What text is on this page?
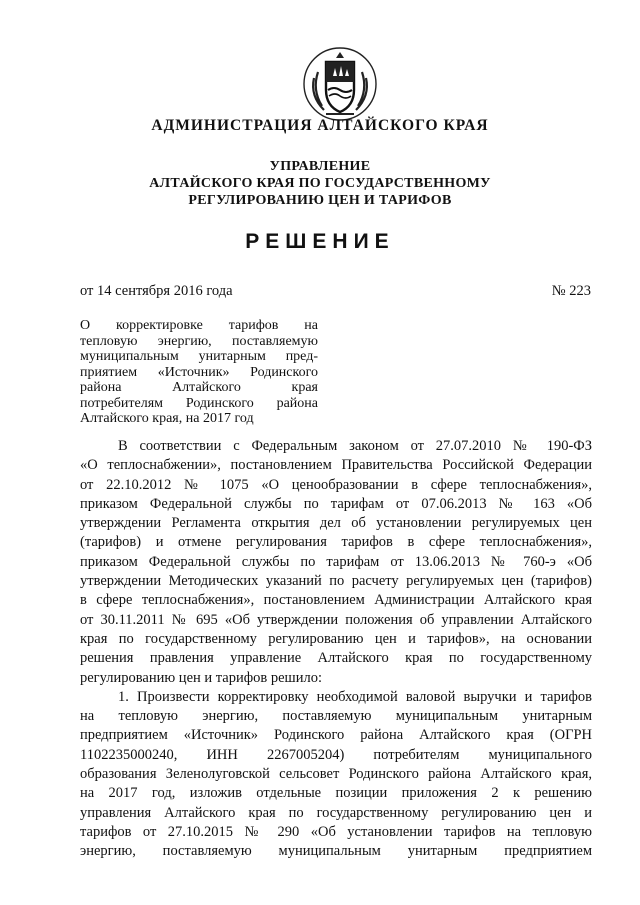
АДМИНИСТРАЦИЯ АЛТАЙСКОГО КРАЯ
УПРАВЛЕНИЕ
АЛТАЙСКОГО КРАЯ ПО ГОСУДАРСТВЕННОМУ
РЕГУЛИРОВАНИЮ ЦЕН И ТАРИФОВ
РЕШЕНИЕ
от 14 сентября 2016 года	№ 223
О корректировке тарифов на
тепловую энергию, поставляемую
муниципальным унитарным пред-
приятием «Источник» Родинского
района Алтайского края
потребителям Родинского района
Алтайского края, на 2017 год
В соответствии с Федеральным законом от 27.07.2010 № 190-ФЗ
«О теплоснабжении», постановлением Правительства Российской Федерации
от 22.10.2012 № 1075 «О ценообразовании в сфере теплоснабжения»,
приказом Федеральной службы по тарифам от 07.06.2013 № 163 «Об
утверждении Регламента открытия дел об установлении регулируемых цен
(тарифов) и отмене регулирования тарифов в сфере теплоснабжения»,
приказом Федеральной службы по тарифам от 13.06.2013 № 760-э «Об
утверждении Методических указаний по расчету регулируемых цен (тарифов)
в сфере теплоснабжения», постановлением Администрации Алтайского края
от 30.11.2011 № 695 «Об утверждении положения об управлении Алтайского
края по государственному регулированию цен и тарифов», на основании
решения правления управление Алтайского края по государственному
регулированию цен и тарифов решило:
1. Произвести корректировку необходимой валовой выручки и тарифов
на тепловую энергию, поставляемую муниципальным унитарным
предприятием «Источник» Родинского района Алтайского края (ОГРН
1102235000240, ИНН 2267005204) потребителям муниципального
образования Зеленолуговской сельсовет Родинского района Алтайского края,
на 2017 год, изложив отдельные позиции приложения 2 к решению
управления Алтайского края по государственному регулированию цен и
тарифов от 27.10.2015 № 290 «Об установлении тарифов на тепловую
энергию, поставляемую муниципальным унитарным предприятием
